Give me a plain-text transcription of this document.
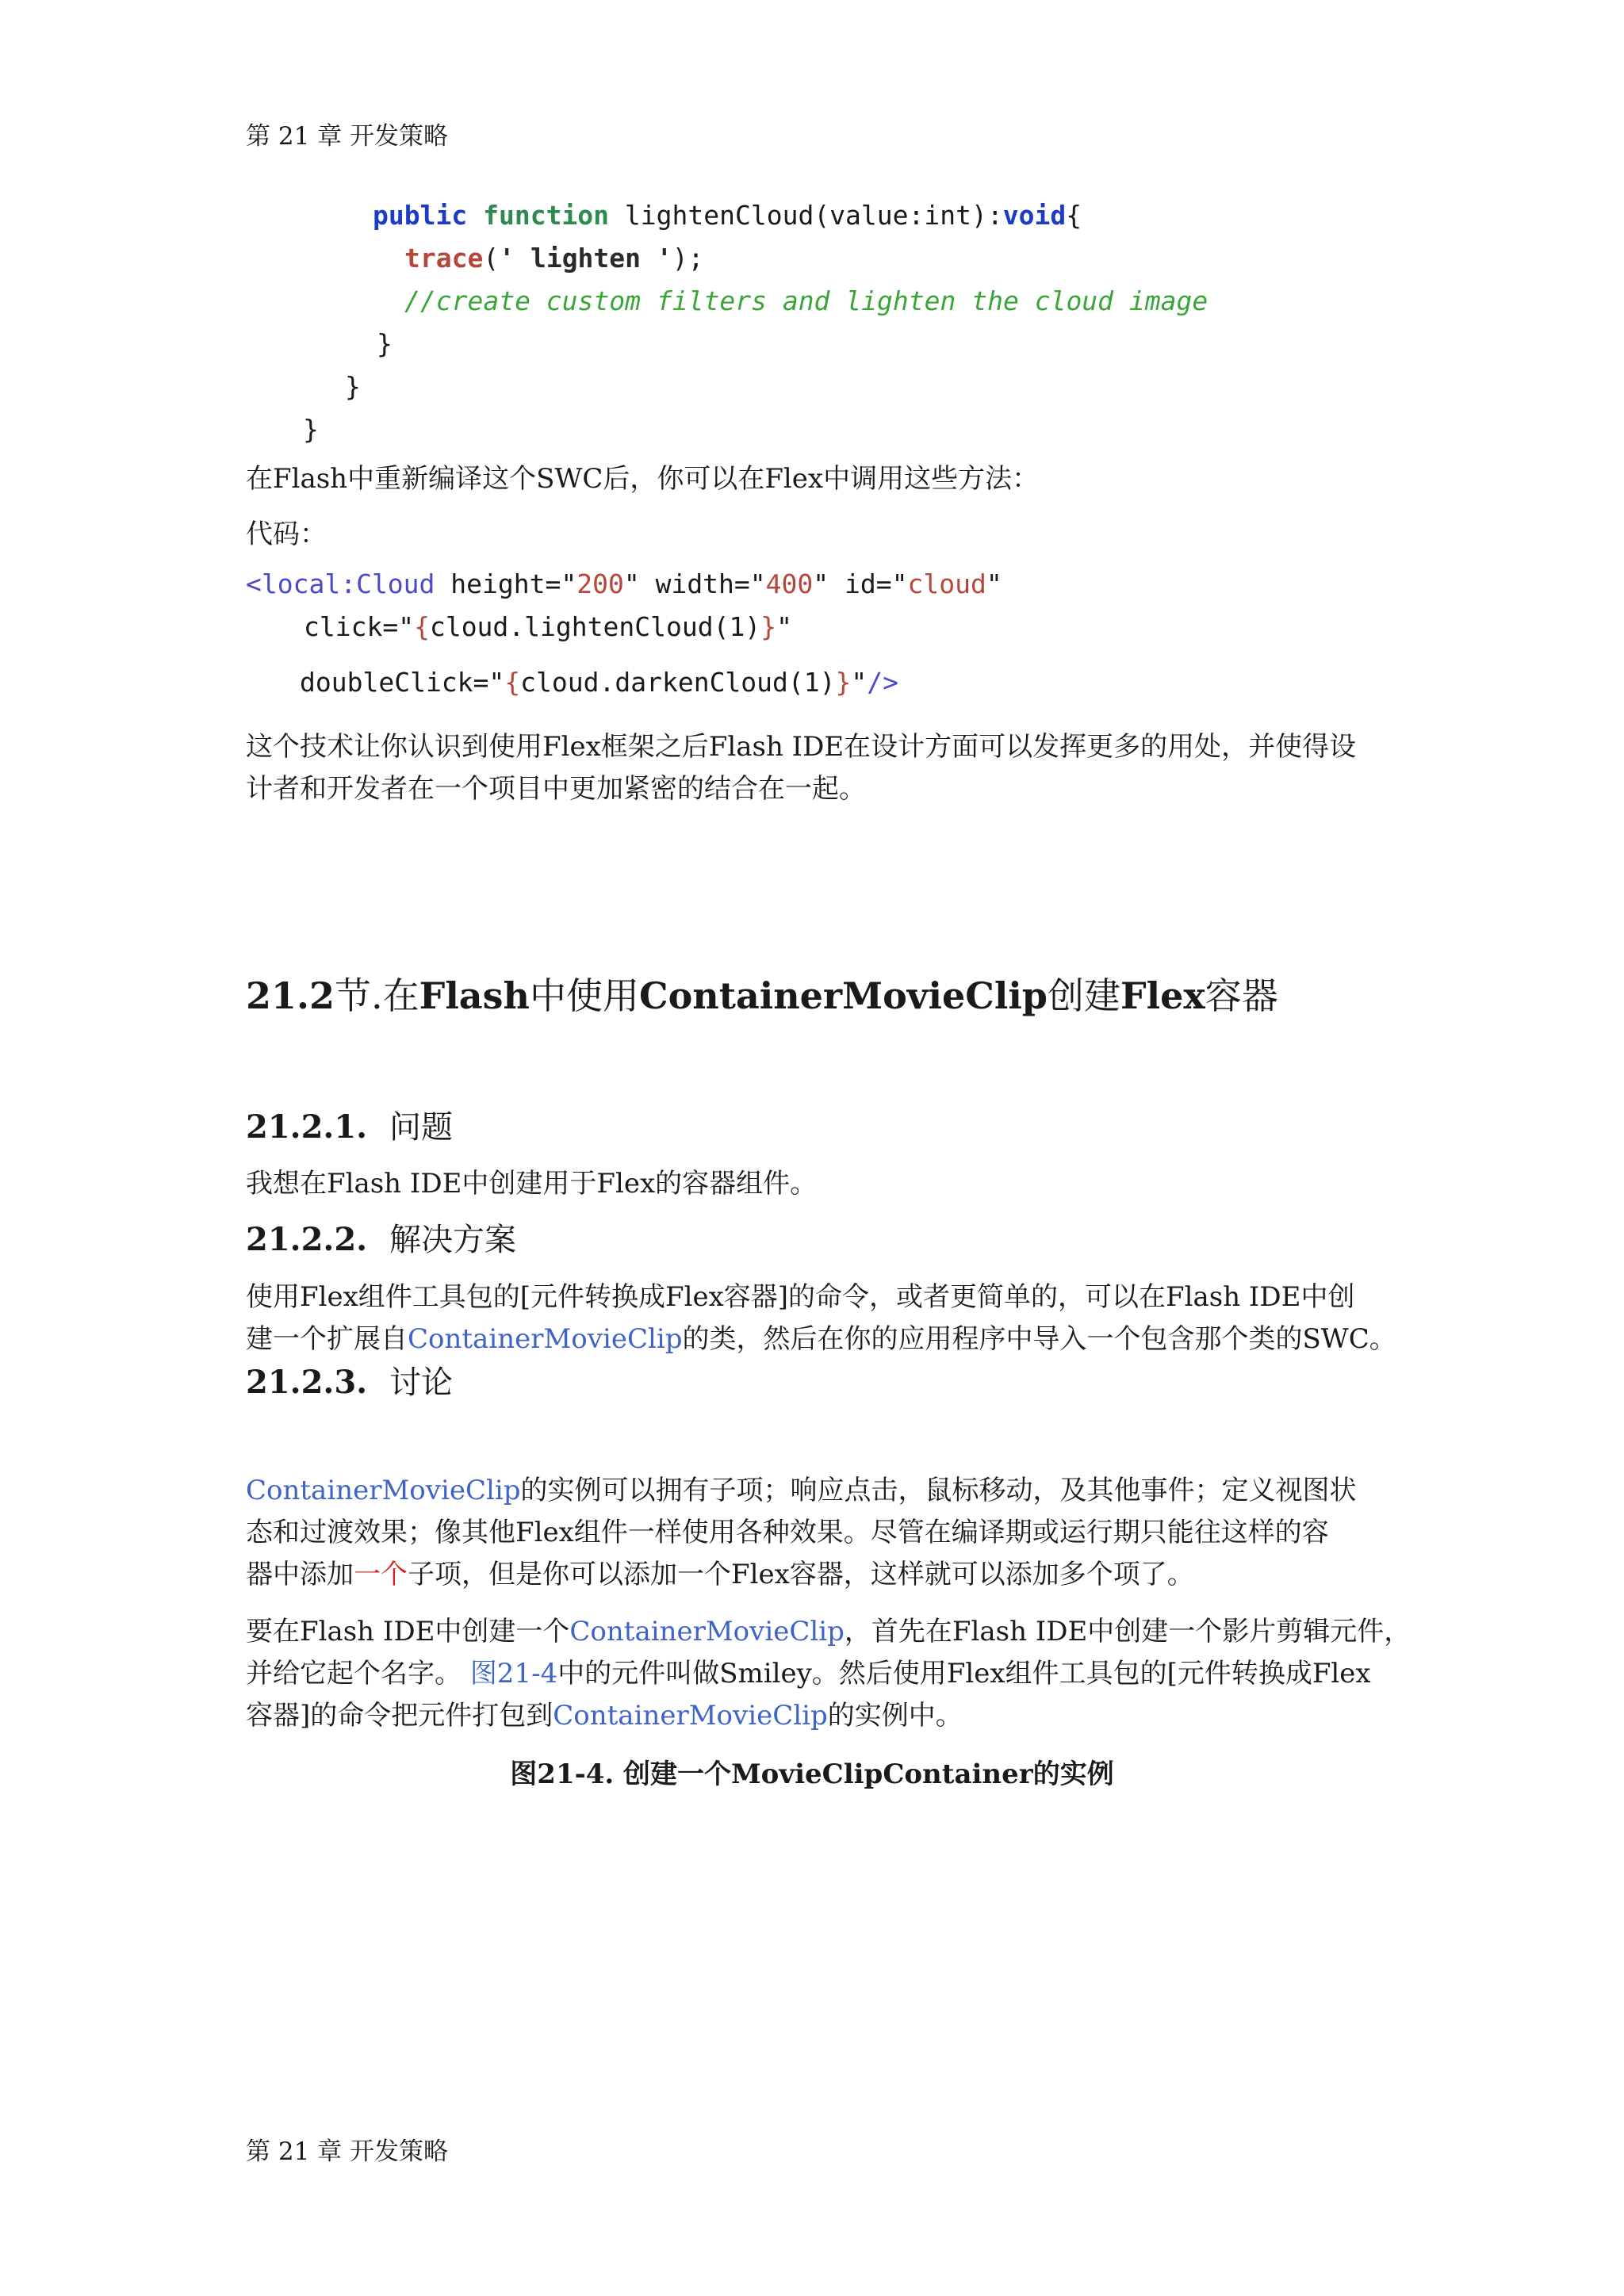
第 21 章 开发策略
public function lightenCloud(value:int):void{
trace(' lighten ');
//create custom filters and lighten the cloud image
}
}
}
在Flash中重新编译这个SWC后，你可以在Flex中调用这些方法：
代码：
<local:Cloud height="200" width="400" id="cloud"
click="{cloud.lightenCloud(1)}"
doubleClick="{cloud.darkenCloud(1)}"/>
这个技术让你认识到使用Flex框架之后Flash IDE在设计方面可以发挥更多的用处，并使得设
计者和开发者在一个项目中更加紧密的结合在一起。
21.2节.在Flash中使用ContainerMovieClip创建Flex容器
21.2.1. 问题
我想在Flash IDE中创建用于Flex的容器组件。
21.2.2. 解决方案
使用Flex组件工具包的[元件转换成Flex容器]的命令，或者更简单的，可以在Flash IDE中创
建一个扩展自ContainerMovieClip的类，然后在你的应用程序中导入一个包含那个类的SWC。
21.2.3. 讨论
ContainerMovieClip的实例可以拥有子项；响应点击，鼠标移动，及其他事件；定义视图状
态和过渡效果；像其他Flex组件一样使用各种效果。尽管在编译期或运行期只能往这样的容
器中添加一个子项，但是你可以添加一个Flex容器，这样就可以添加多个项了。
要在Flash IDE中创建一个ContainerMovieClip，首先在Flash IDE中创建一个影片剪辑元件，
并给它起个名字。 图21-4中的元件叫做Smiley。然后使用Flex组件工具包的[元件转换成Flex
容器]的命令把元件打包到ContainerMovieClip的实例中。
图21-4. 创建一个MovieClipContainer的实例
第 21 章 开发策略
